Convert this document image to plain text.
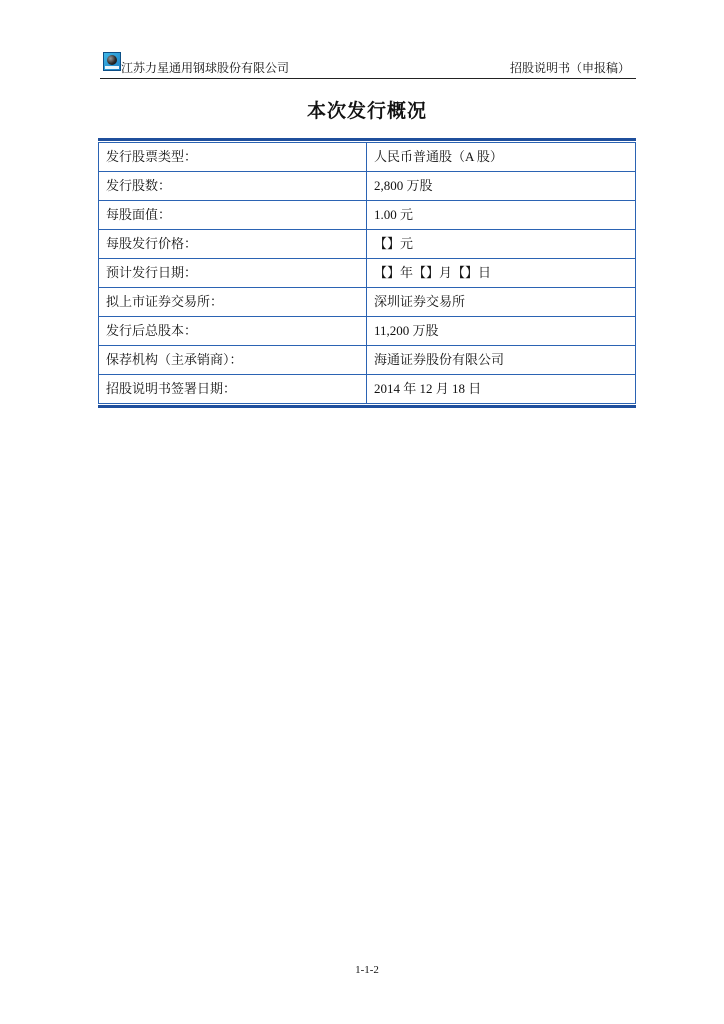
江苏力星通用钢球股份有限公司	招股说明书（申报稿）
本次发行概况
发行股票类型：	人民币普通股（A 股）
发行股数：	2,800 万股
每股面值：	1.00 元
每股发行价格：	【】元
预计发行日期：	【】年【】月【】日
拟上市证券交易所：	深圳证券交易所
发行后总股本：	11,200 万股
保荐机构（主承销商）：	海通证券股份有限公司
招股说明书签署日期：	2014 年 12 月 18 日
1-1-2
